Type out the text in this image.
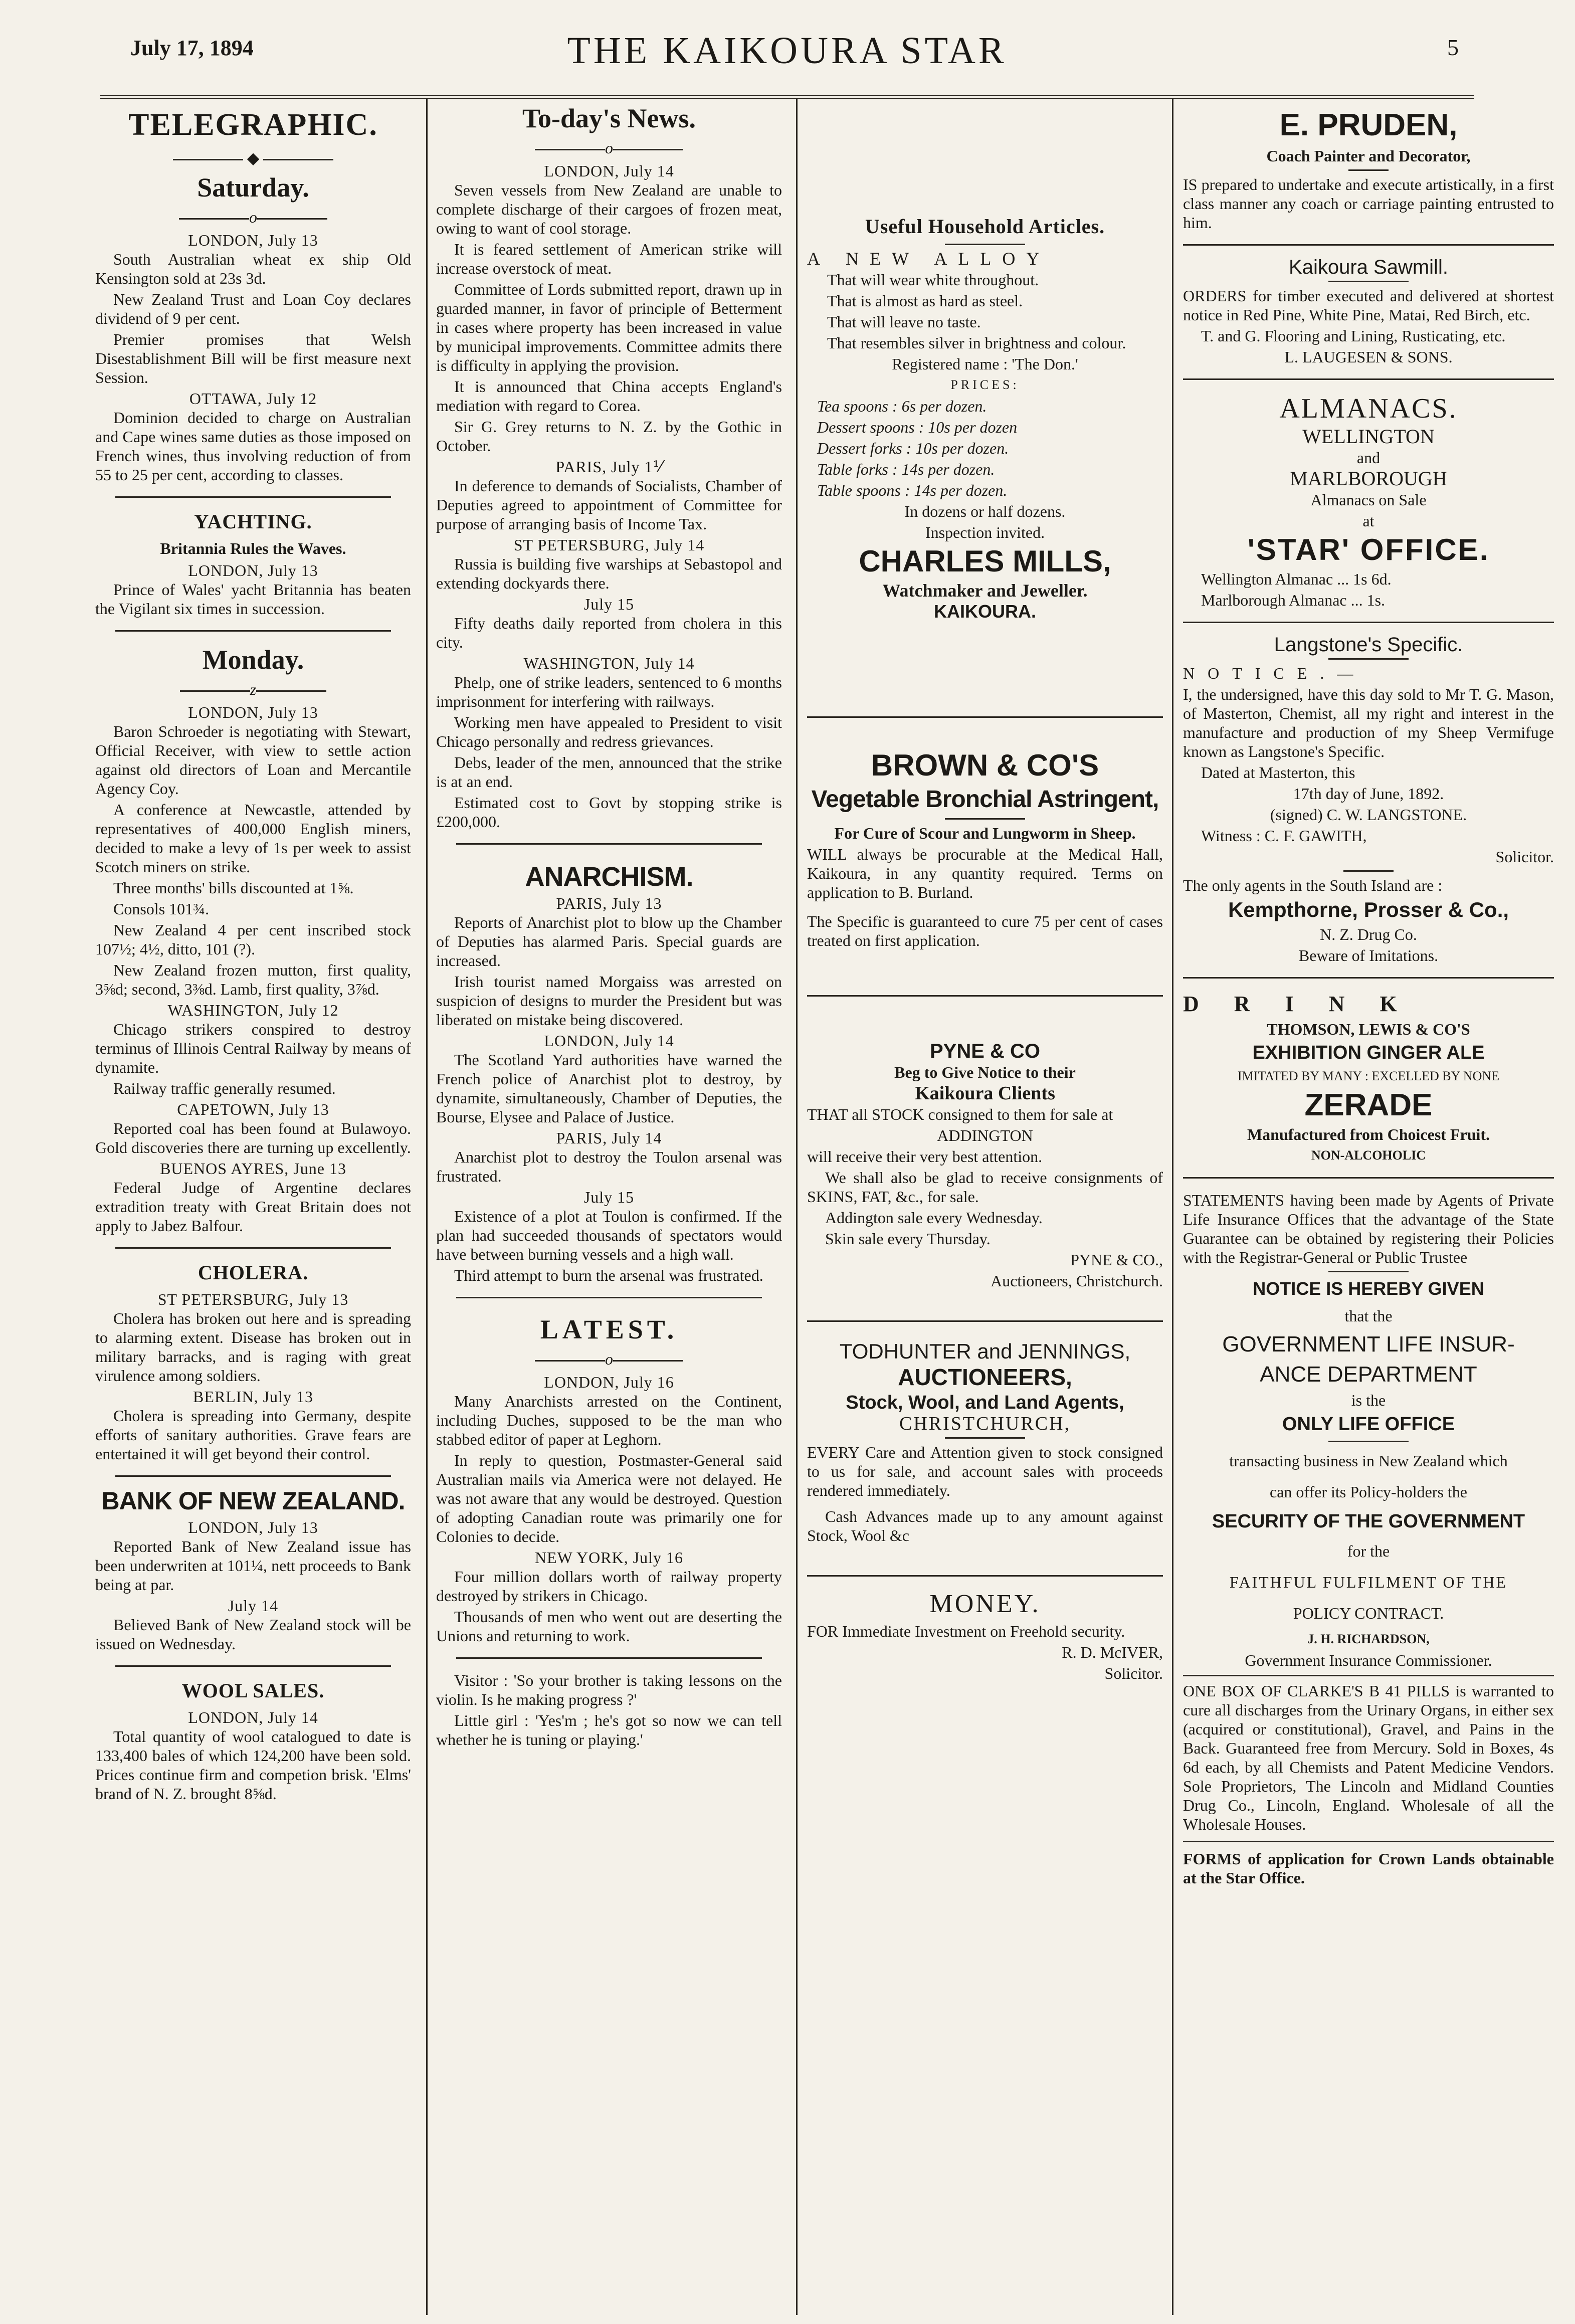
July 17, 1894	THE KAIKOURA STAR	5
TELEGRAPHIC.
◆
Saturday.
o
LONDON, July 13

South Australian wheat ex ship Old Kensington sold at 23s 3d.

New Zealand Trust and Loan Coy declares dividend of 9 per cent.

Premier promises that Welsh Disestablishment Bill will be first measure next Session.

OTTAWA, July 12

Dominion decided to charge on Australian and Cape wines same duties as those imposed on French wines, thus involving reduction of from 55 to 25 per cent, according to classes.

YACHTING.
Britannia Rules the Waves.
LONDON, July 13

Prince of Wales' yacht Britannia has beaten the Vigilant six times in succession.

Monday.
z
LONDON, July 13

Baron Schroeder is negotiating with Stewart, Official Receiver, with view to settle action against old directors of Loan and Mercantile Agency Coy.

A conference at Newcastle, attended by representatives of 400,000 English miners, decided to make a levy of 1s per week to assist Scotch miners on strike.

Three months' bills discounted at 1⅝.

Consols 101¾.

New Zealand 4 per cent inscribed stock 107½; 4½, ditto, 101 (?).

New Zealand frozen mutton, first quality, 3⅝d; second, 3⅜d. Lamb, first quality, 3⅞d.

WASHINGTON, July 12

Chicago strikers conspired to destroy terminus of Illinois Central Railway by means of dynamite.

Railway traffic generally resumed.

CAPETOWN, July 13

Reported coal has been found at Bulawoyo. Gold discoveries there are turning up excellently.

BUENOS AYRES, June 13

Federal Judge of Argentine declares extradition treaty with Great Britain does not apply to Jabez Balfour.

CHOLERA.
ST PETERSBURG, July 13

Cholera has broken out here and is spreading to alarming extent. Disease has broken out in military barracks, and is raging with great virulence among soldiers.

BERLIN, July 13

Cholera is spreading into Germany, despite efforts of sanitary authorities. Grave fears are entertained it will get beyond their control.

BANK OF NEW ZEALAND.
LONDON, July 13

Reported Bank of New Zealand issue has been underwriten at 101¼, nett proceeds to Bank being at par.

July 14

Believed Bank of New Zealand stock will be issued on Wednesday.

WOOL SALES.
LONDON, July 14

Total quantity of wool catalogued to date is 133,400 bales of which 124,200 have been sold. Prices continue firm and competion brisk. 'Elms' brand of N. Z. brought 8⅝d.

To-day's News.
o
LONDON, July 14

Seven vessels from New Zealand are unable to complete discharge of their cargoes of frozen meat, owing to want of cool storage.

It is feared settlement of American strike will increase overstock of meat.

Committee of Lords submitted report, drawn up in guarded manner, in favor of principle of Betterment in cases where property has been increased in value by municipal improvements. Committee admits there is difficulty in applying the provision.

It is announced that China accepts England's mediation with regard to Corea.

Sir G. Grey returns to N. Z. by the Gothic in October.

PARIS, July 1⅟

In deference to demands of Socialists, Chamber of Deputies agreed to appointment of Committee for purpose of arranging basis of Income Tax.

ST PETERSBURG, July 14

Russia is building five warships at Sebastopol and extending dockyards there.

July 15

Fifty deaths daily reported from cholera in this city.

WASHINGTON, July 14

Phelp, one of strike leaders, sentenced to 6 months imprisonment for interfering with railways.

Working men have appealed to President to visit Chicago personally and redress grievances.

Debs, leader of the men, announced that the strike is at an end.

Estimated cost to Govt by stopping strike is £200,000.

ANARCHISM.
PARIS, July 13

Reports of Anarchist plot to blow up the Chamber of Deputies has alarmed Paris. Special guards are increased.

Irish tourist named Morgaiss was arrested on suspicion of designs to murder the President but was liberated on mistake being discovered.

LONDON, July 14

The Scotland Yard authorities have warned the French police of Anarchist plot to destroy, by dynamite, simultaneously, Chamber of Deputies, the Bourse, Elysee and Palace of Justice.

PARIS, July 14

Anarchist plot to destroy the Toulon arsenal was frustrated.

July 15

Existence of a plot at Toulon is confirmed. If the plan had succeeded thousands of spectators would have between burning vessels and a high wall.

Third attempt to burn the arsenal was frustrated.

LATEST.
o
LONDON, July 16

Many Anarchists arrested on the Continent, including Duches, supposed to be the man who stabbed editor of paper at Leghorn.

In reply to question, Postmaster-General said Australian mails via America were not delayed. He was not aware that any would be destroyed. Question of adopting Canadian route was primarily one for Colonies to decide.

NEW YORK, July 16

Four million dollars worth of railway property destroyed by strikers in Chicago.

Thousands of men who went out are deserting the Unions and returning to work.

Visitor : 'So your brother is taking lessons on the violin. Is he making progress ?'

Little girl : 'Yes'm ; he's got so now we can tell whether he is tuning or playing.'

Useful Household Articles.

A NEW ALLOY

That will wear white throughout.

That is almost as hard as steel.

That will leave no taste.

That resembles silver in brightness and colour.

Registered name : 'The Don.'

PRICES:

Tea spoons : 6s per dozen.

Dessert spoons : 10s per dozen

Dessert forks : 10s per dozen.

Table forks : 14s per dozen.

Table spoons : 14s per dozen.

In dozens or half dozens.

Inspection invited.

CHARLES MILLS,

Watchmaker and Jeweller.

KAIKOURA.

BROWN & CO'S

Vegetable Bronchial Astringent,

For Cure of Scour and Lungworm in Sheep.

WILL always be procurable at the Medical Hall, Kaikoura, in any quantity required. Terms on application to B. Burland.

The Specific is guaranteed to cure 75 per cent of cases treated on first application.

PYNE & CO

Beg to Give Notice to their

Kaikoura Clients

THAT all STOCK consigned to them for sale at

ADDINGTON

will receive their very best attention.

We shall also be glad to receive consignments of SKINS, FAT, &c., for sale.

Addington sale every Wednesday.

Skin sale every Thursday.

PYNE & CO.,

Auctioneers, Christchurch.

TODHUNTER and JENNINGS,

AUCTIONEERS,

Stock, Wool, and Land Agents,

CHRISTCHURCH,

EVERY Care and Attention given to stock consigned to us for sale, and account sales with proceeds rendered immediately.

Cash Advances made up to any amount against Stock, Wool &c

MONEY.

FOR Immediate Investment on Freehold security.

R. D. McIVER,

Solicitor.

E. PRUDEN,

Coach Painter and Decorator,

IS prepared to undertake and execute artistically, in a first class manner any coach or carriage painting entrusted to him.

Kaikoura Sawmill.

ORDERS for timber executed and delivered at shortest notice in Red Pine, White Pine, Matai, Red Birch, etc.

T. and G. Flooring and Lining, Rusticating, etc.

L. LAUGESEN & SONS.

ALMANACS.

WELLINGTON

and

MARLBOROUGH

Almanacs on Sale

at

'STAR' OFFICE.

Wellington Almanac ... 1s 6d.

Marlborough Almanac ... 1s.

Langstone's Specific.

NOTICE.—

I, the undersigned, have this day sold to Mr T. G. Mason, of Masterton, Chemist, all my right and interest in the manufacture and production of my Sheep Vermifuge known as Langstone's Specific.

Dated at Masterton, this

17th day of June, 1892.

(signed) C. W. LANGSTONE.

Witness : C. F. GAWITH,

Solicitor.

The only agents in the South Island are :

Kempthorne, Prosser & Co.,

N. Z. Drug Co.

Beware of Imitations.

DRINK

THOMSON, LEWIS & CO'S

EXHIBITION GINGER ALE

IMITATED BY MANY : EXCELLED BY NONE

ZERADE

Manufactured from Choicest Fruit.

NON-ALCOHOLIC

STATEMENTS having been made by Agents of Private Life Insurance Offices that the advantage of the State Guarantee can be obtained by registering their Policies with the Registrar-General or Public Trustee

NOTICE IS HEREBY GIVEN

that the

GOVERNMENT LIFE INSUR-

ANCE DEPARTMENT

is the

ONLY LIFE OFFICE

transacting business in New Zealand which

can offer its Policy-holders the

SECURITY OF THE GOVERNMENT

for the

FAITHFUL FULFILMENT OF THE

POLICY CONTRACT.

J. H. RICHARDSON,

Government Insurance Commissioner.

ONE BOX OF CLARKE'S B 41 PILLS is warranted to cure all discharges from the Urinary Organs, in either sex (acquired or constitutional), Gravel, and Pains in the Back. Guaranteed free from Mercury. Sold in Boxes, 4s 6d each, by all Chemists and Patent Medicine Vendors. Sole Proprietors, The Lincoln and Midland Counties Drug Co., Lincoln, England. Wholesale of all the Wholesale Houses.

FORMS of application for Crown Lands obtainable at the Star Office.
